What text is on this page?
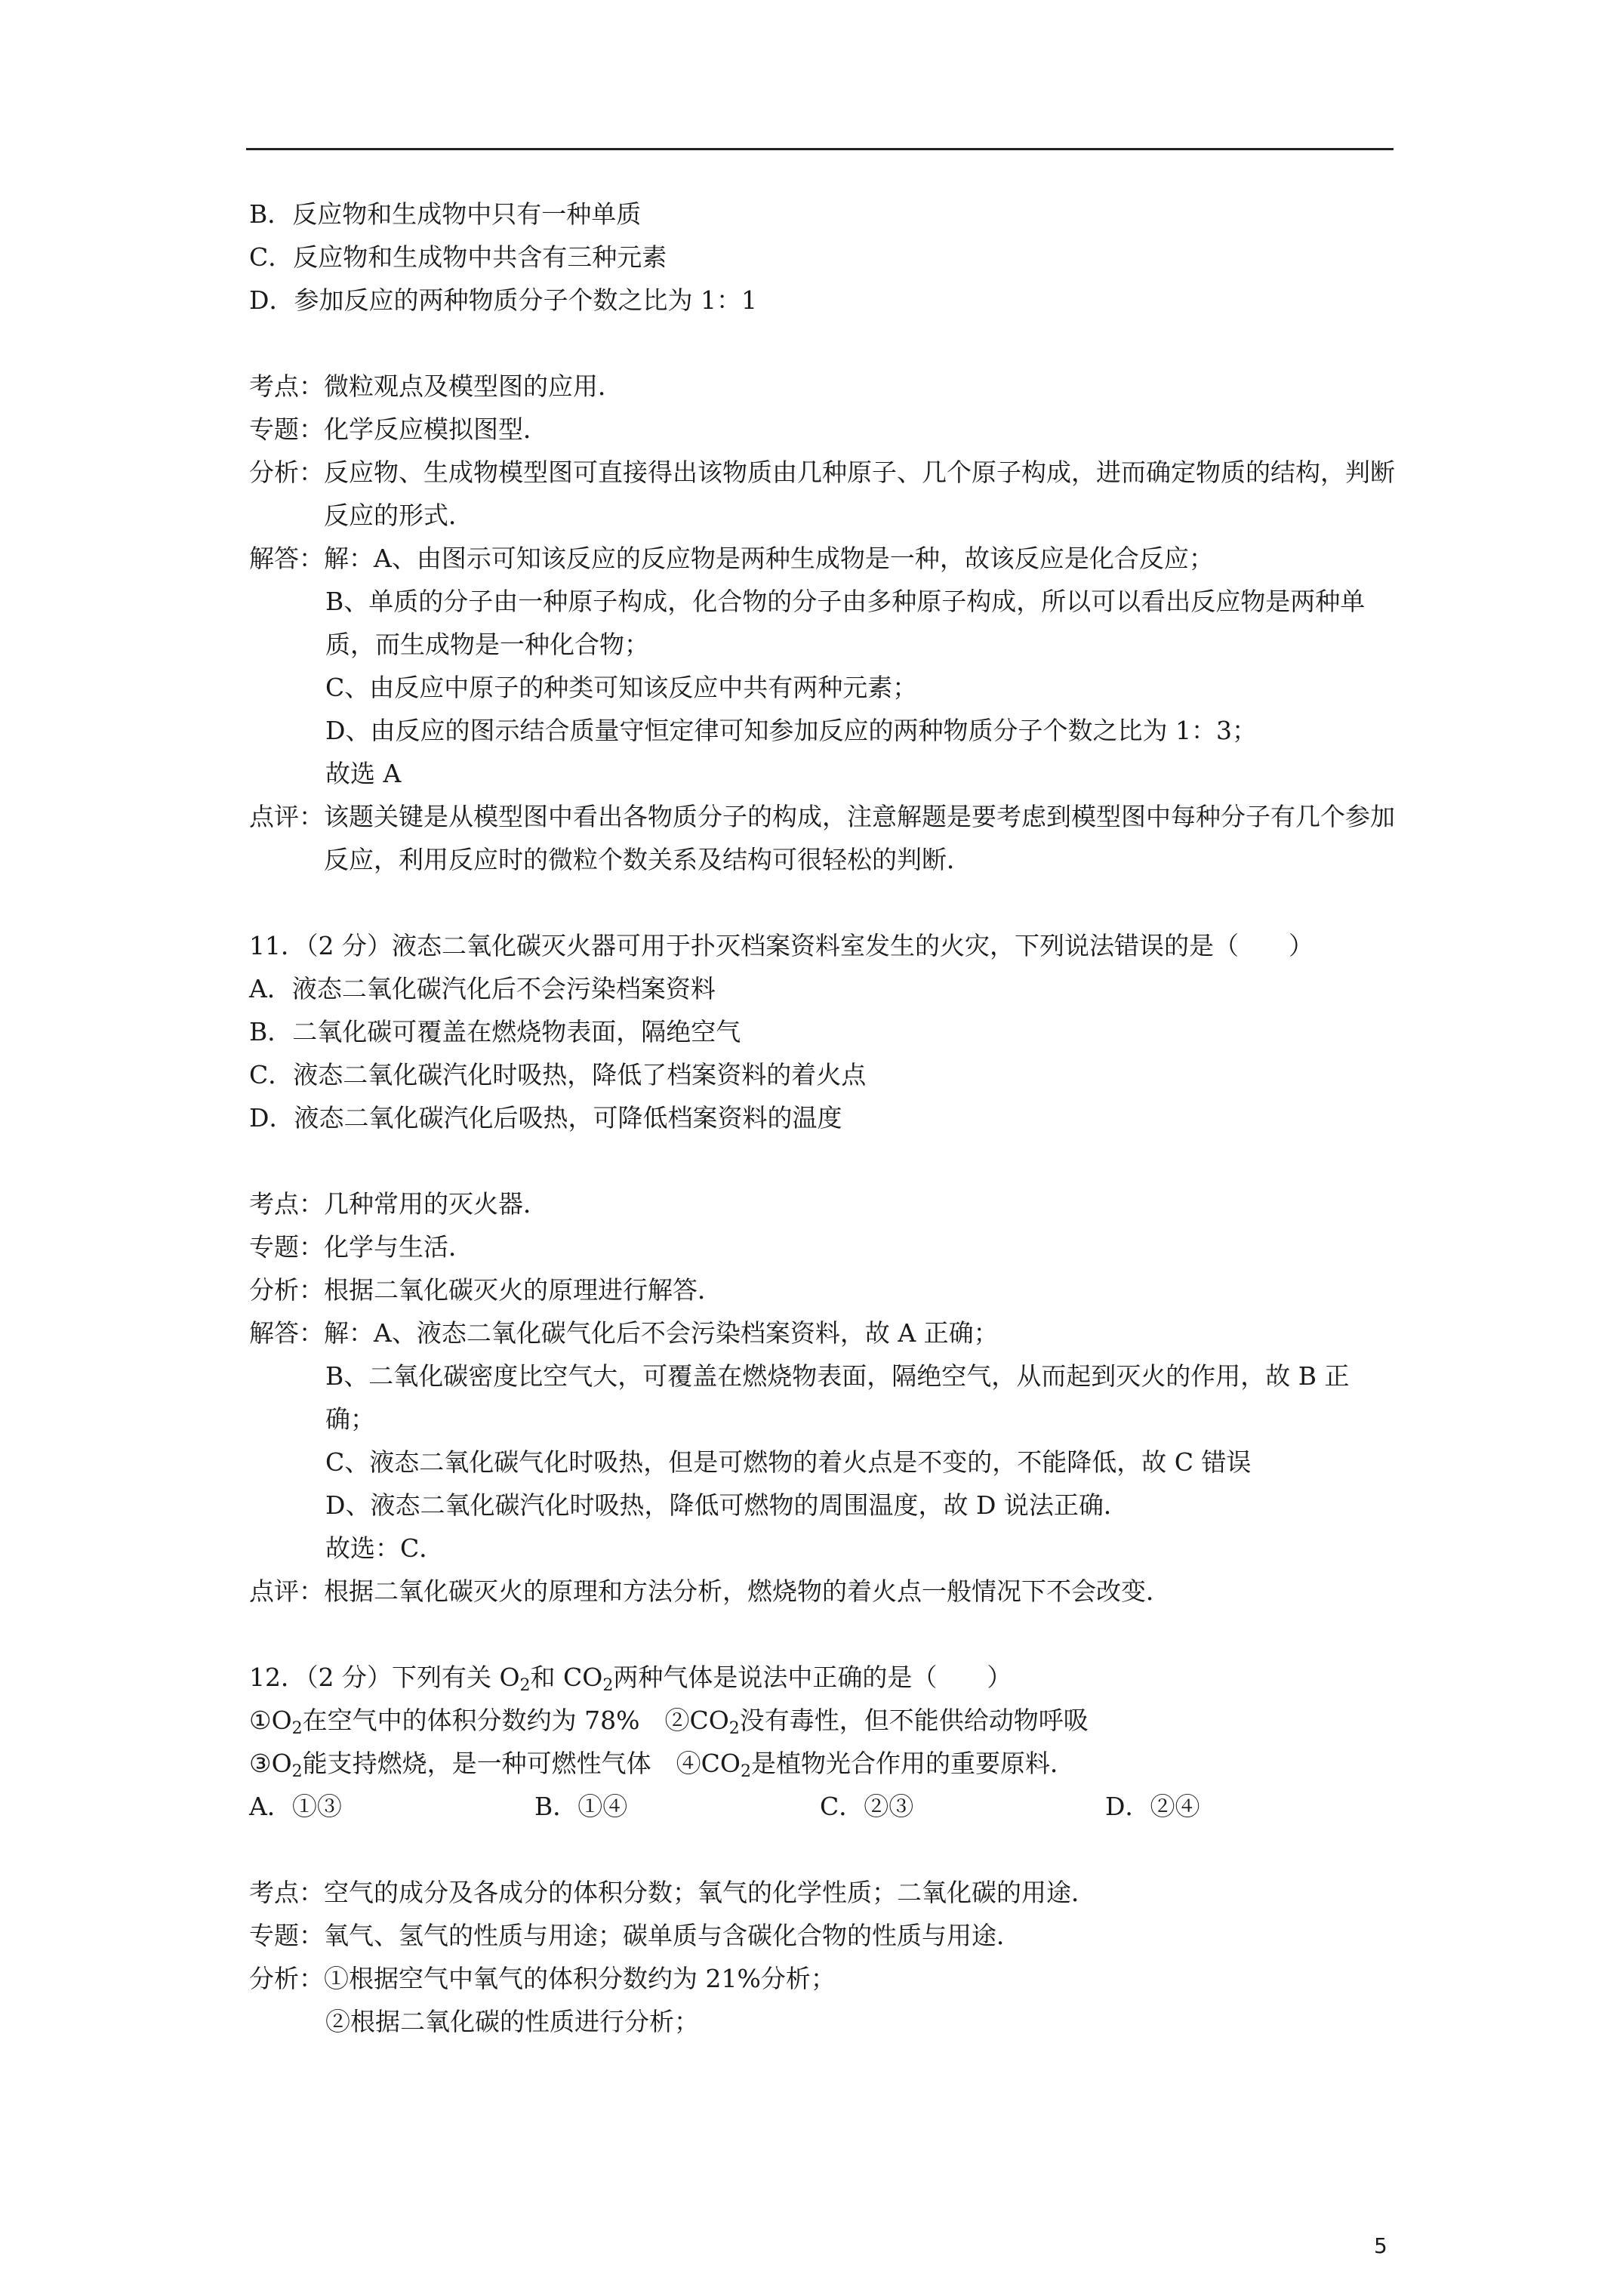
B．反应物和生成物中只有一种单质
C．反应物和生成物中共含有三种元素
D．参加反应的两种物质分子个数之比为 1：1
考点： 微粒观点及模型图的应用．
专题： 化学反应模拟图型．
分析： 反应物、生成物模型图可直接得出该物质由几种原子、几个原子构成，进而确定物质的结构，判断反应的形式．
解答： 解：A、由图示可知该反应的反应物是两种生成物是一种，故该反应是化合反应；
B、单质的分子由一种原子构成，化合物的分子由多种原子构成，所以可以看出反应物是两种单质，而生成物是一种化合物；
C、由反应中原子的种类可知该反应中共有两种元素；
D、由反应的图示结合质量守恒定律可知参加反应的两种物质分子个数之比为 1：3；
故选 A
点评： 该题关键是从模型图中看出各物质分子的构成，注意解题是要考虑到模型图中每种分子有几个参加反应，利用反应时的微粒个数关系及结构可很轻松的判断．
11．（2 分）液态二氧化碳灭火器可用于扑灭档案资料室发生的火灾，下列说法错误的是（　　）
A．液态二氧化碳汽化后不会污染档案资料
B．二氧化碳可覆盖在燃烧物表面，隔绝空气
C．液态二氧化碳汽化时吸热，降低了档案资料的着火点
D．液态二氧化碳汽化后吸热，可降低档案资料的温度
考点： 几种常用的灭火器．
专题： 化学与生活．
分析： 根据二氧化碳灭火的原理进行解答．
解答： 解：A、液态二氧化碳气化后不会污染档案资料，故 A 正确；
B、二氧化碳密度比空气大，可覆盖在燃烧物表面，隔绝空气，从而起到灭火的作用，故 B 正确；
C、液态二氧化碳气化时吸热，但是可燃物的着火点是不变的，不能降低，故 C 错误
D、液态二氧化碳汽化时吸热，降低可燃物的周围温度，故 D 说法正确．
故选：C．
点评： 根据二氧化碳灭火的原理和方法分析，燃烧物的着火点一般情况下不会改变．
12．（2 分）下列有关 $O_2$和 $CO_2$两种气体是说法中正确的是（　　）
$①O_2$在空气中的体积分数约为 78%　 $②CO_2$没有毒性，但不能供给动物呼吸
$③O_2$能支持燃烧，是一种可燃性气体　 $④CO_2$是植物光合作用的重要原料．
A．①③	B．①④	C．②③	D．②④
考点： 空气的成分及各成分的体积分数；氧气的化学性质；二氧化碳的用途．
专题： 氧气、氢气的性质与用途；碳单质与含碳化合物的性质与用途．
分析： ①根据空气中氧气的体积分数约为 21%分析；
②根据二氧化碳的性质进行分析；
5
